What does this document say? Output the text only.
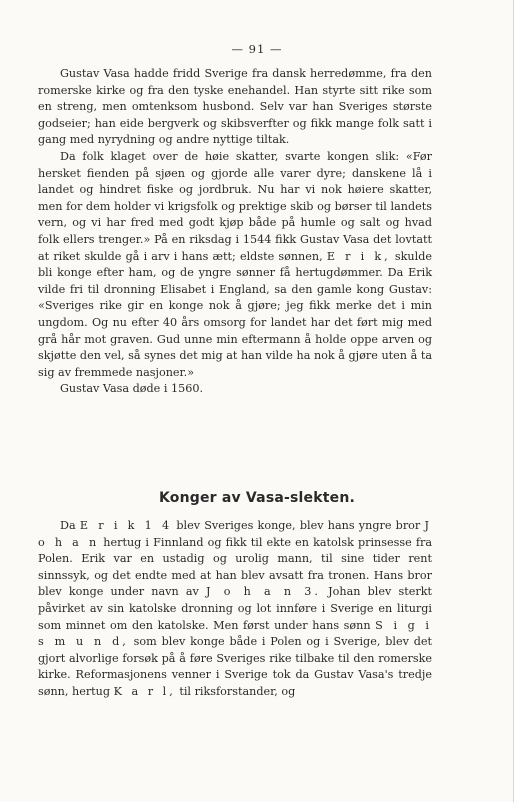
— 91 —

Gustav Vasa hadde fridd Sverige fra dansk herredømme, fra den romerske kirke og fra den tyske enehandel. Han styrte sitt rike som en streng, men omtenksom husbond. Selv var han Sveriges største godseier; han eide bergverk og skibsverfter og fikk mange folk satt i gang med nyrydning og andre nyttige tiltak.

Da folk klaget over de høie skatter, svarte kongen slik: «Før hersket fienden på sjøen og gjorde alle varer dyre; danskene lå i landet og hindret fiske og jordbruk. Nu har vi nok høiere skatter, men for dem holder vi krigsfolk og prektige skib og børser til landets vern, og vi har fred med godt kjøp både på humle og salt og hvad folk ellers trenger.» På en riksdag i 1544 fikk Gustav Vasa det lovtatt at riket skulde gå i arv i hans ætt; eldste sønnen, E r i k, skulde bli konge efter ham, og de yngre sønner få hertugdømmer. Da Erik vilde fri til dronning Elisabet i England, sa den gamle kong Gustav: «Sveriges rike gir en konge nok å gjøre; jeg fikk merke det i min ungdom. Og nu efter 40 års omsorg for landet har det ført mig med grå hår mot graven. Gud unne min eftermann å holde oppe arven og skjøtte den vel, så synes det mig at han vilde ha nok å gjøre uten å ta sig av fremmede nasjoner.»

Gustav Vasa døde i 1560.

Konger av Vasa-slekten.

Da E r i k 1 4 blev Sveriges konge, blev hans yngre bror J o h a n hertug i Finnland og fikk til ekte en katolsk prinsesse fra Polen. Erik var en ustadig og urolig mann, til sine tider rent sinnssyk, og det endte med at han blev avsatt fra tronen. Hans bror blev konge under navn av J o h a n 3. Johan blev sterkt påvirket av sin katolske dronning og lot innføre i Sverige en liturgi som minnet om den katolske. Men først under hans sønn S i g i s m u n d, som blev konge både i Polen og i Sverige, blev det gjort alvorlige forsøk på å føre Sveriges rike tilbake til den romerske kirke. Reformasjonens venner i Sverige tok da Gustav Vasa's tredje sønn, hertug K a r l, til riksforstander, og
